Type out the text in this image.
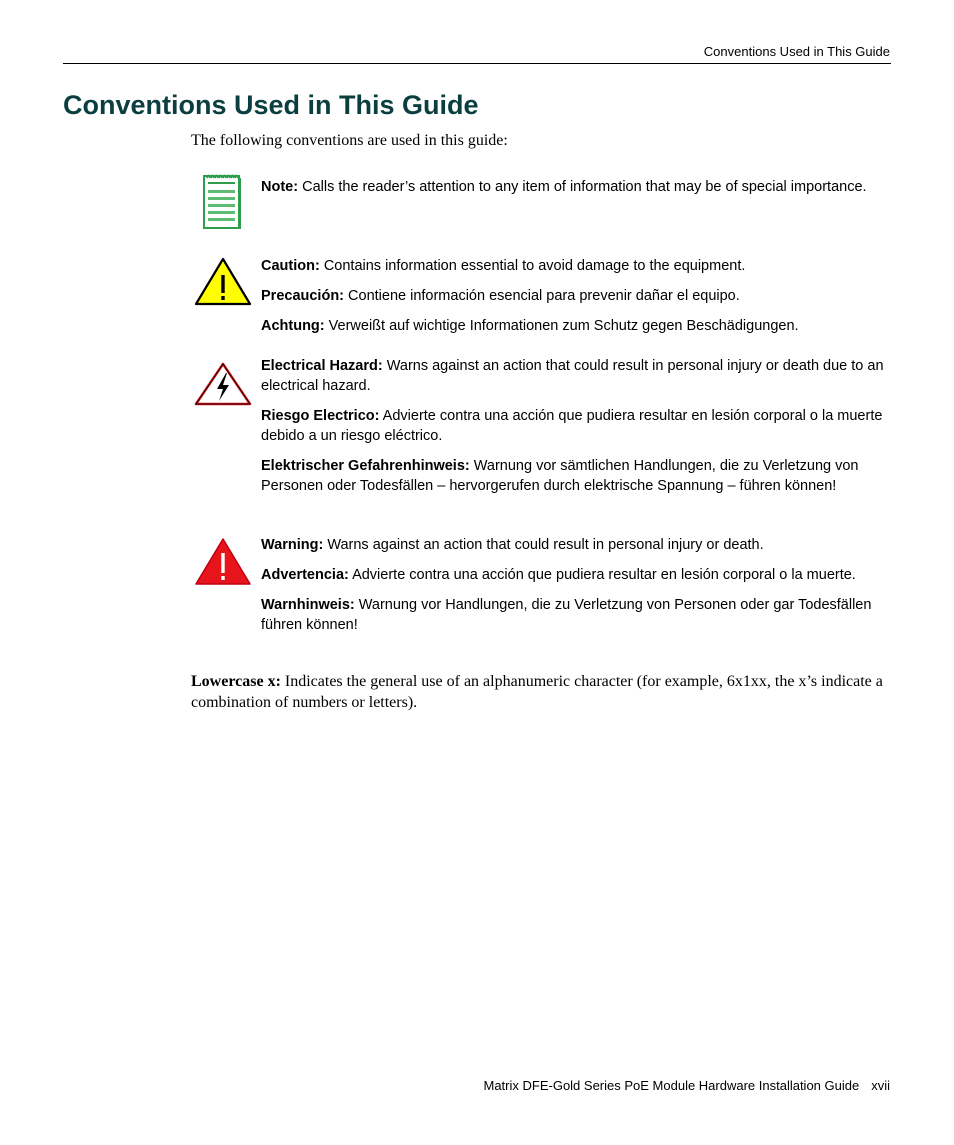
Conventions Used in This Guide
Conventions Used in This Guide

The following conventions are used in this guide:

Note: Calls the reader’s attention to any item of information that may be of special importance.

Caution: Contains information essential to avoid damage to the equipment.

Precaución: Contiene información esencial para prevenir dañar el equipo.

Achtung: Verweißt auf wichtige Informationen zum Schutz gegen Beschädigungen.

Electrical Hazard: Warns against an action that could result in personal injury or death due to an electrical hazard.

Riesgo Electrico: Advierte contra una acción que pudiera resultar en lesión corporal o la muerte debido a un riesgo eléctrico.

Elektrischer Gefahrenhinweis: Warnung vor sämtlichen Handlungen, die zu Verletzung von Personen oder Todesfällen – hervorgerufen durch elektrische Spannung – führen können!

Warning: Warns against an action that could result in personal injury or death.

Advertencia: Advierte contra una acción que pudiera resultar en lesión corporal o la muerte.

Warnhinweis: Warnung vor Handlungen, die zu Verletzung von Personen oder gar Todesfällen führen können!

Lowercase x: Indicates the general use of an alphanumeric character (for example, 6x1xx, the x’s indicate a combination of numbers or letters).

Matrix DFE-Gold Series PoE Module Hardware Installation Guide xvii
